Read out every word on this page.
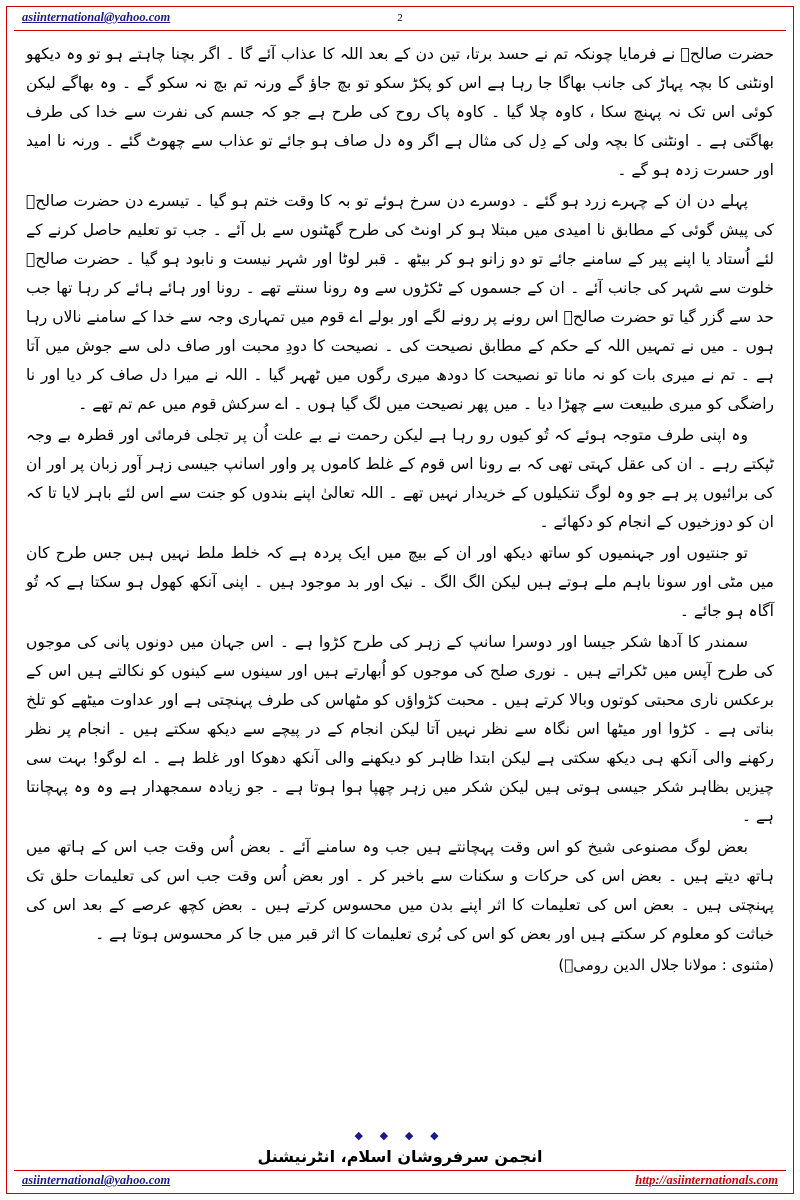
asiinternational@yahoo.com	2

حضرت صالحؑ نے فرمایا چونکہ تم نے حسد برتا، تین دن کے بعد اللہ کا عذاب آئے گا ۔ اگر بچنا چاہتے ہو تو وہ دیکھو اونٹنی کا بچہ پہاڑ کی جانب بھاگا جا رہا ہے اس کو پکڑ سکو تو بچ جاؤ گے ورنہ تم بچ نہ سکو گے ۔ وہ بھاگے لیکن کوئی اس تک نہ پہنچ سکا ، کاوہ چلا گیا ۔ کاوہ پاک روح کی طرح ہے جو کہ جسم کی نفرت سے خدا کی طرف بھاگتی ہے ۔ اونٹنی کا بچہ ولی کے دِل کی مثال ہے اگر وہ دل صاف ہو جائے تو عذاب سے چھوٹ گئے ۔ ورنہ نا امید اور حسرت زدہ ہو گے ۔

پہلے دن ان کے چہرے زرد ہو گئے ۔ دوسرے دن سرخ ہوئے تو بہ کا وقت ختم ہو گیا ۔ تیسرے دن حضرت صالحؑ کی پیش گوئی کے مطابق نا امیدی میں مبتلا ہو کر اونٹ کی طرح گھٹنوں سے بل آئے ۔ جب تو تعلیم حاصل کرنے کے لئے اُستاد یا اپنے پیر کے سامنے جائے تو دو زانو ہو کر بیٹھ ۔ قبر لوٹا اور شہر نیست و نابود ہو گیا ۔ حضرت صالحؑ خلوت سے شہر کی جانب آئے ۔ ان کے جسموں کے ٹکڑوں سے وہ رونا سنتے تھے ۔ رونا اور ہائے ہائے کر رہا تھا جب حد سے گزر گیا تو حضرت صالحؑ اس رونے پر رونے لگے اور بولے اے قوم میں تمہاری وجہ سے خدا کے سامنے نالاں رہا ہوں ۔ میں نے تمہیں اللہ کے حکم کے مطابق نصیحت کی ۔ نصیحت کا دودِ محبت اور صاف دلی سے جوش میں آتا ہے ۔ تم نے میری بات کو نہ مانا تو نصیحت کا دودھ میری رگوں میں ٹھہر گیا ۔ اللہ نے میرا دل صاف کر دیا اور نا راضگی کو میری طبیعت سے چھڑا دیا ۔ میں پھر نصیحت میں لگ گیا ہوں ۔ اے سرکش قوم میں عم تم تھے ۔

وہ اپنی طرف متوجہ ہوئے کہ تُو کیوں رو رہا ہے لیکن رحمت نے بے علت اُن پر تجلی فرمائی اور قطرہ بے وجہ ٹپکتے رہے ۔ ان کی عقل کہتی تھی کہ بے رونا اس قوم کے غلط کاموں پر واور اسانپ جیسی زہر آور زبان پر اور ان کی برائیوں پر ہے جو وہ لوگ تنکیلوں کے خریدار نہیں تھے ۔ اللہ تعالیٰ اپنے بندوں کو جنت سے اس لئے باہر لایا تا کہ ان کو دوزخیوں کے انجام کو دکھائے ۔

تو جنتیوں اور جہنمیوں کو ساتھ دیکھ اور ان کے بیچ میں ایک پردہ ہے کہ خلط ملط نہیں ہیں جس طرح کان میں مٹی اور سونا باہم ملے ہوتے ہیں لیکن الگ الگ ۔ نیک اور بد موجود ہیں ۔ اپنی آنکھ کھول ہو سکتا ہے کہ تُو آگاہ ہو جائے ۔

سمندر کا آدھا شکر جیسا اور دوسرا سانپ کے زہر کی طرح کڑوا ہے ۔ اس جہان میں دونوں پانی کی موجوں کی طرح آپس میں ٹکراتے ہیں ۔ نوری صلح کی موجوں کو اُبھارتے ہیں اور سینوں سے کینوں کو نکالتے ہیں اس کے برعکس ناری محبتی کوتوں وبالا کرتے ہیں ۔ محبت کڑواؤں کو مٹھاس کی طرف پہنچتی ہے اور عداوت میٹھے کو تلخ بناتی ہے ۔ کڑوا اور میٹھا اس نگاہ سے نظر نہیں آتا لیکن انجام کے در پیچے سے دیکھ سکتے ہیں ۔ انجام پر نظر رکھنے والی آنکھ ہی دیکھ سکتی ہے لیکن ابتدا ظاہر کو دیکھنے والی آنکھ دھوکا اور غلط ہے ۔ اے لوگو! بہت سی چیزیں بظاہر شکر جیسی ہوتی ہیں لیکن شکر میں زہر چھپا ہوا ہوتا ہے ۔ جو زیادہ سمجھدار ہے وہ وہ پہچانتا ہے ۔

بعض لوگ مصنوعی شیخ کو اس وقت پہچانتے ہیں جب وہ سامنے آئے ۔ بعض اُس وقت جب اس کے ہاتھ میں ہاتھ دیتے ہیں ۔ بعض اس کی حرکات و سکنات سے باخبر کر ۔ اور بعض اُس وقت جب اس کی تعلیمات حلق تک پہنچتی ہیں ۔ بعض اس کی تعلیمات کا اثر اپنے بدن میں محسوس کرتے ہیں ۔ بعض کچھ عرصے کے بعد اس کی خباثت کو معلوم کر سکتے ہیں اور بعض کو اس کی بُری تعلیمات کا اثر قبر میں جا کر محسوس ہوتا ہے ۔

(مثنوی : مولانا جلال الدین رومیؒ)
◆ ◆ ◆ ◆
انجمن سرفروشان اسلام، انٹرنیشنل
asiinternational@yahoo.com	http://asiinternationals.com
